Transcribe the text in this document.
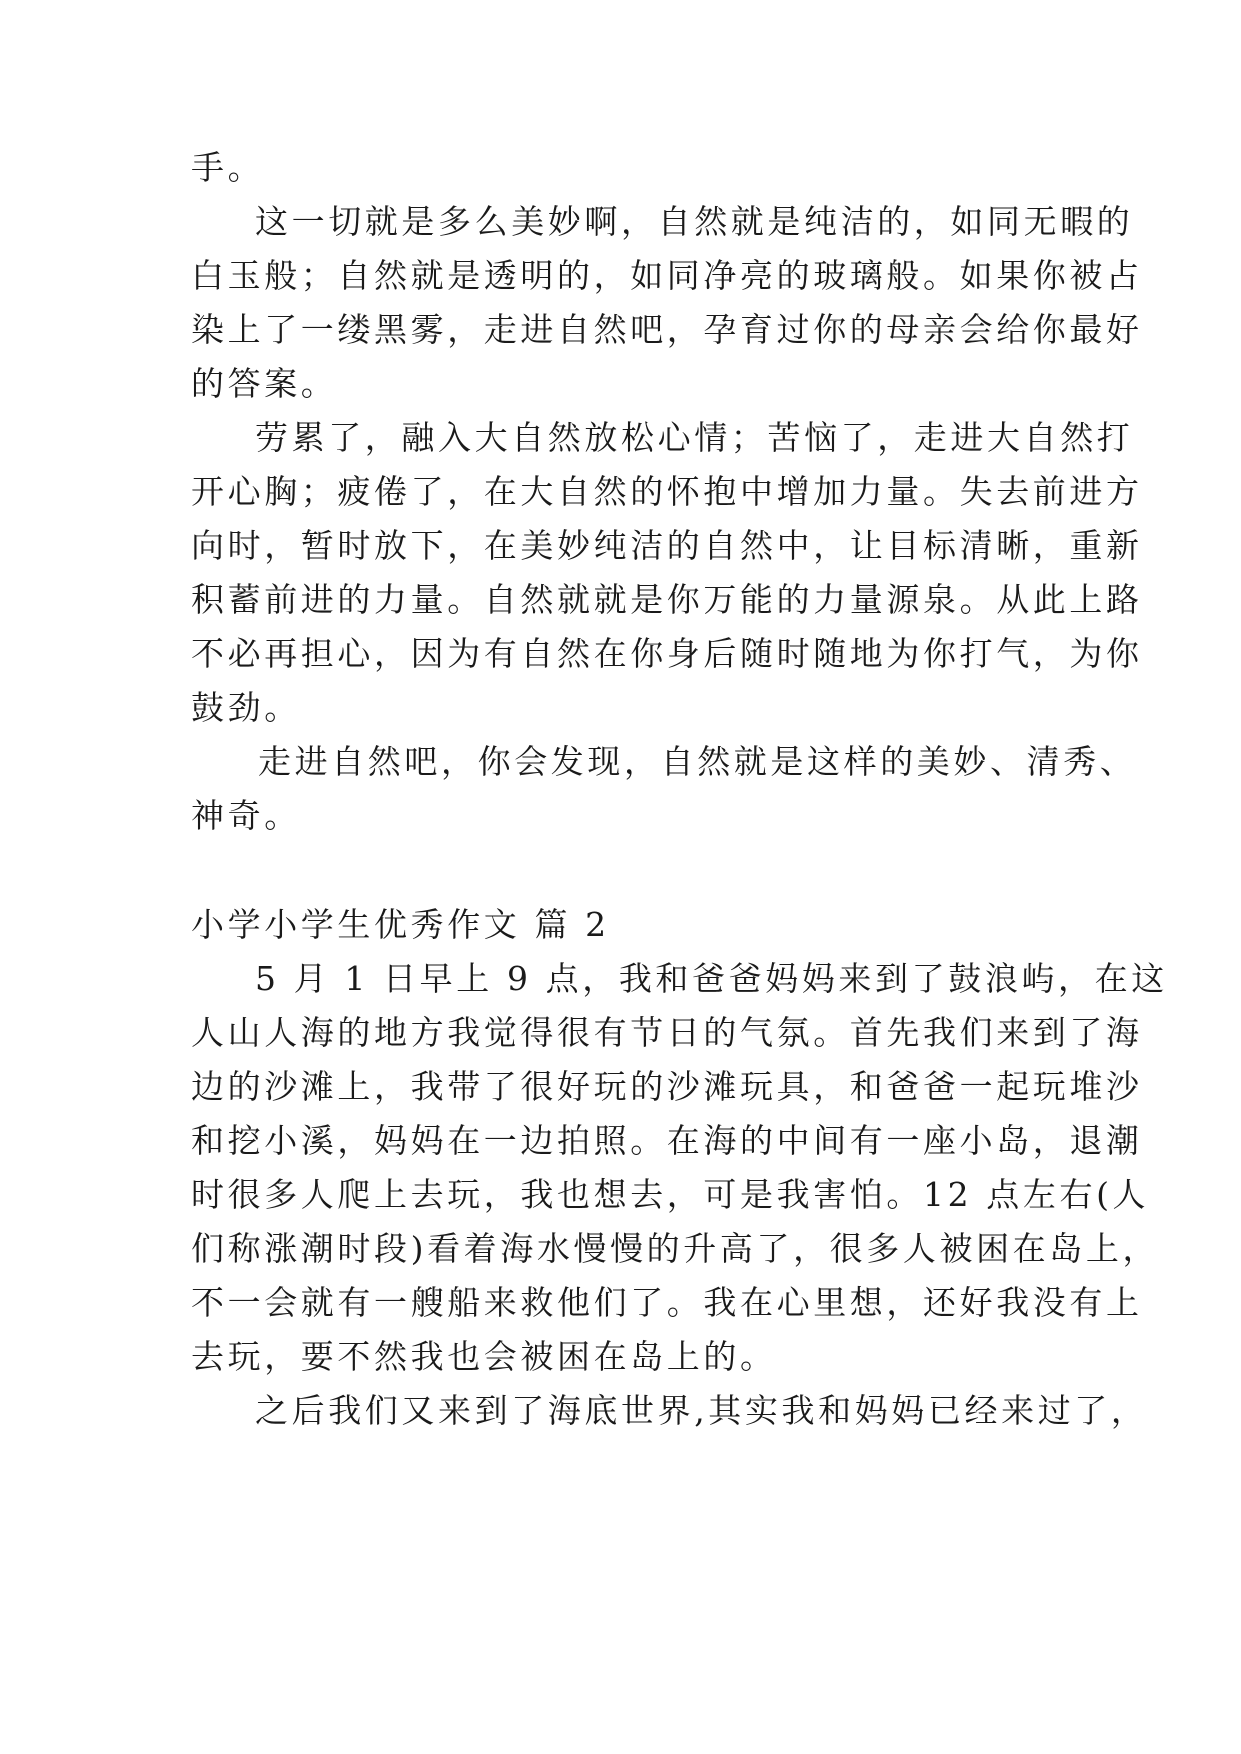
手。
这一切就是多么美妙啊，自然就是纯洁的，如同无暇的
白玉般；自然就是透明的，如同净亮的玻璃般。如果你被占
染上了一缕黑雾，走进自然吧，孕育过你的母亲会给你最好
的答案。
劳累了，融入大自然放松心情；苦恼了，走进大自然打
开心胸；疲倦了，在大自然的怀抱中增加力量。失去前进方
向时，暂时放下，在美妙纯洁的自然中，让目标清晰，重新
积蓄前进的力量。自然就就是你万能的力量源泉。从此上路
不必再担心，因为有自然在你身后随时随地为你打气，为你
鼓劲。
走进自然吧，你会发现，自然就是这样的美妙、清秀、
神奇。
小学小学生优秀作文 篇 2
5 月 1 日早上 9 点，我和爸爸妈妈来到了鼓浪屿，在这
人山人海的地方我觉得很有节日的气氛。首先我们来到了海
边的沙滩上，我带了很好玩的沙滩玩具，和爸爸一起玩堆沙
和挖小溪，妈妈在一边拍照。在海的中间有一座小岛，退潮
时很多人爬上去玩，我也想去，可是我害怕。12 点左右(人
们称涨潮时段)看着海水慢慢的升高了，很多人被困在岛上，
不一会就有一艘船来救他们了。我在心里想，还好我没有上
去玩，要不然我也会被困在岛上的。
之后我们又来到了海底世界,其实我和妈妈已经来过了，
